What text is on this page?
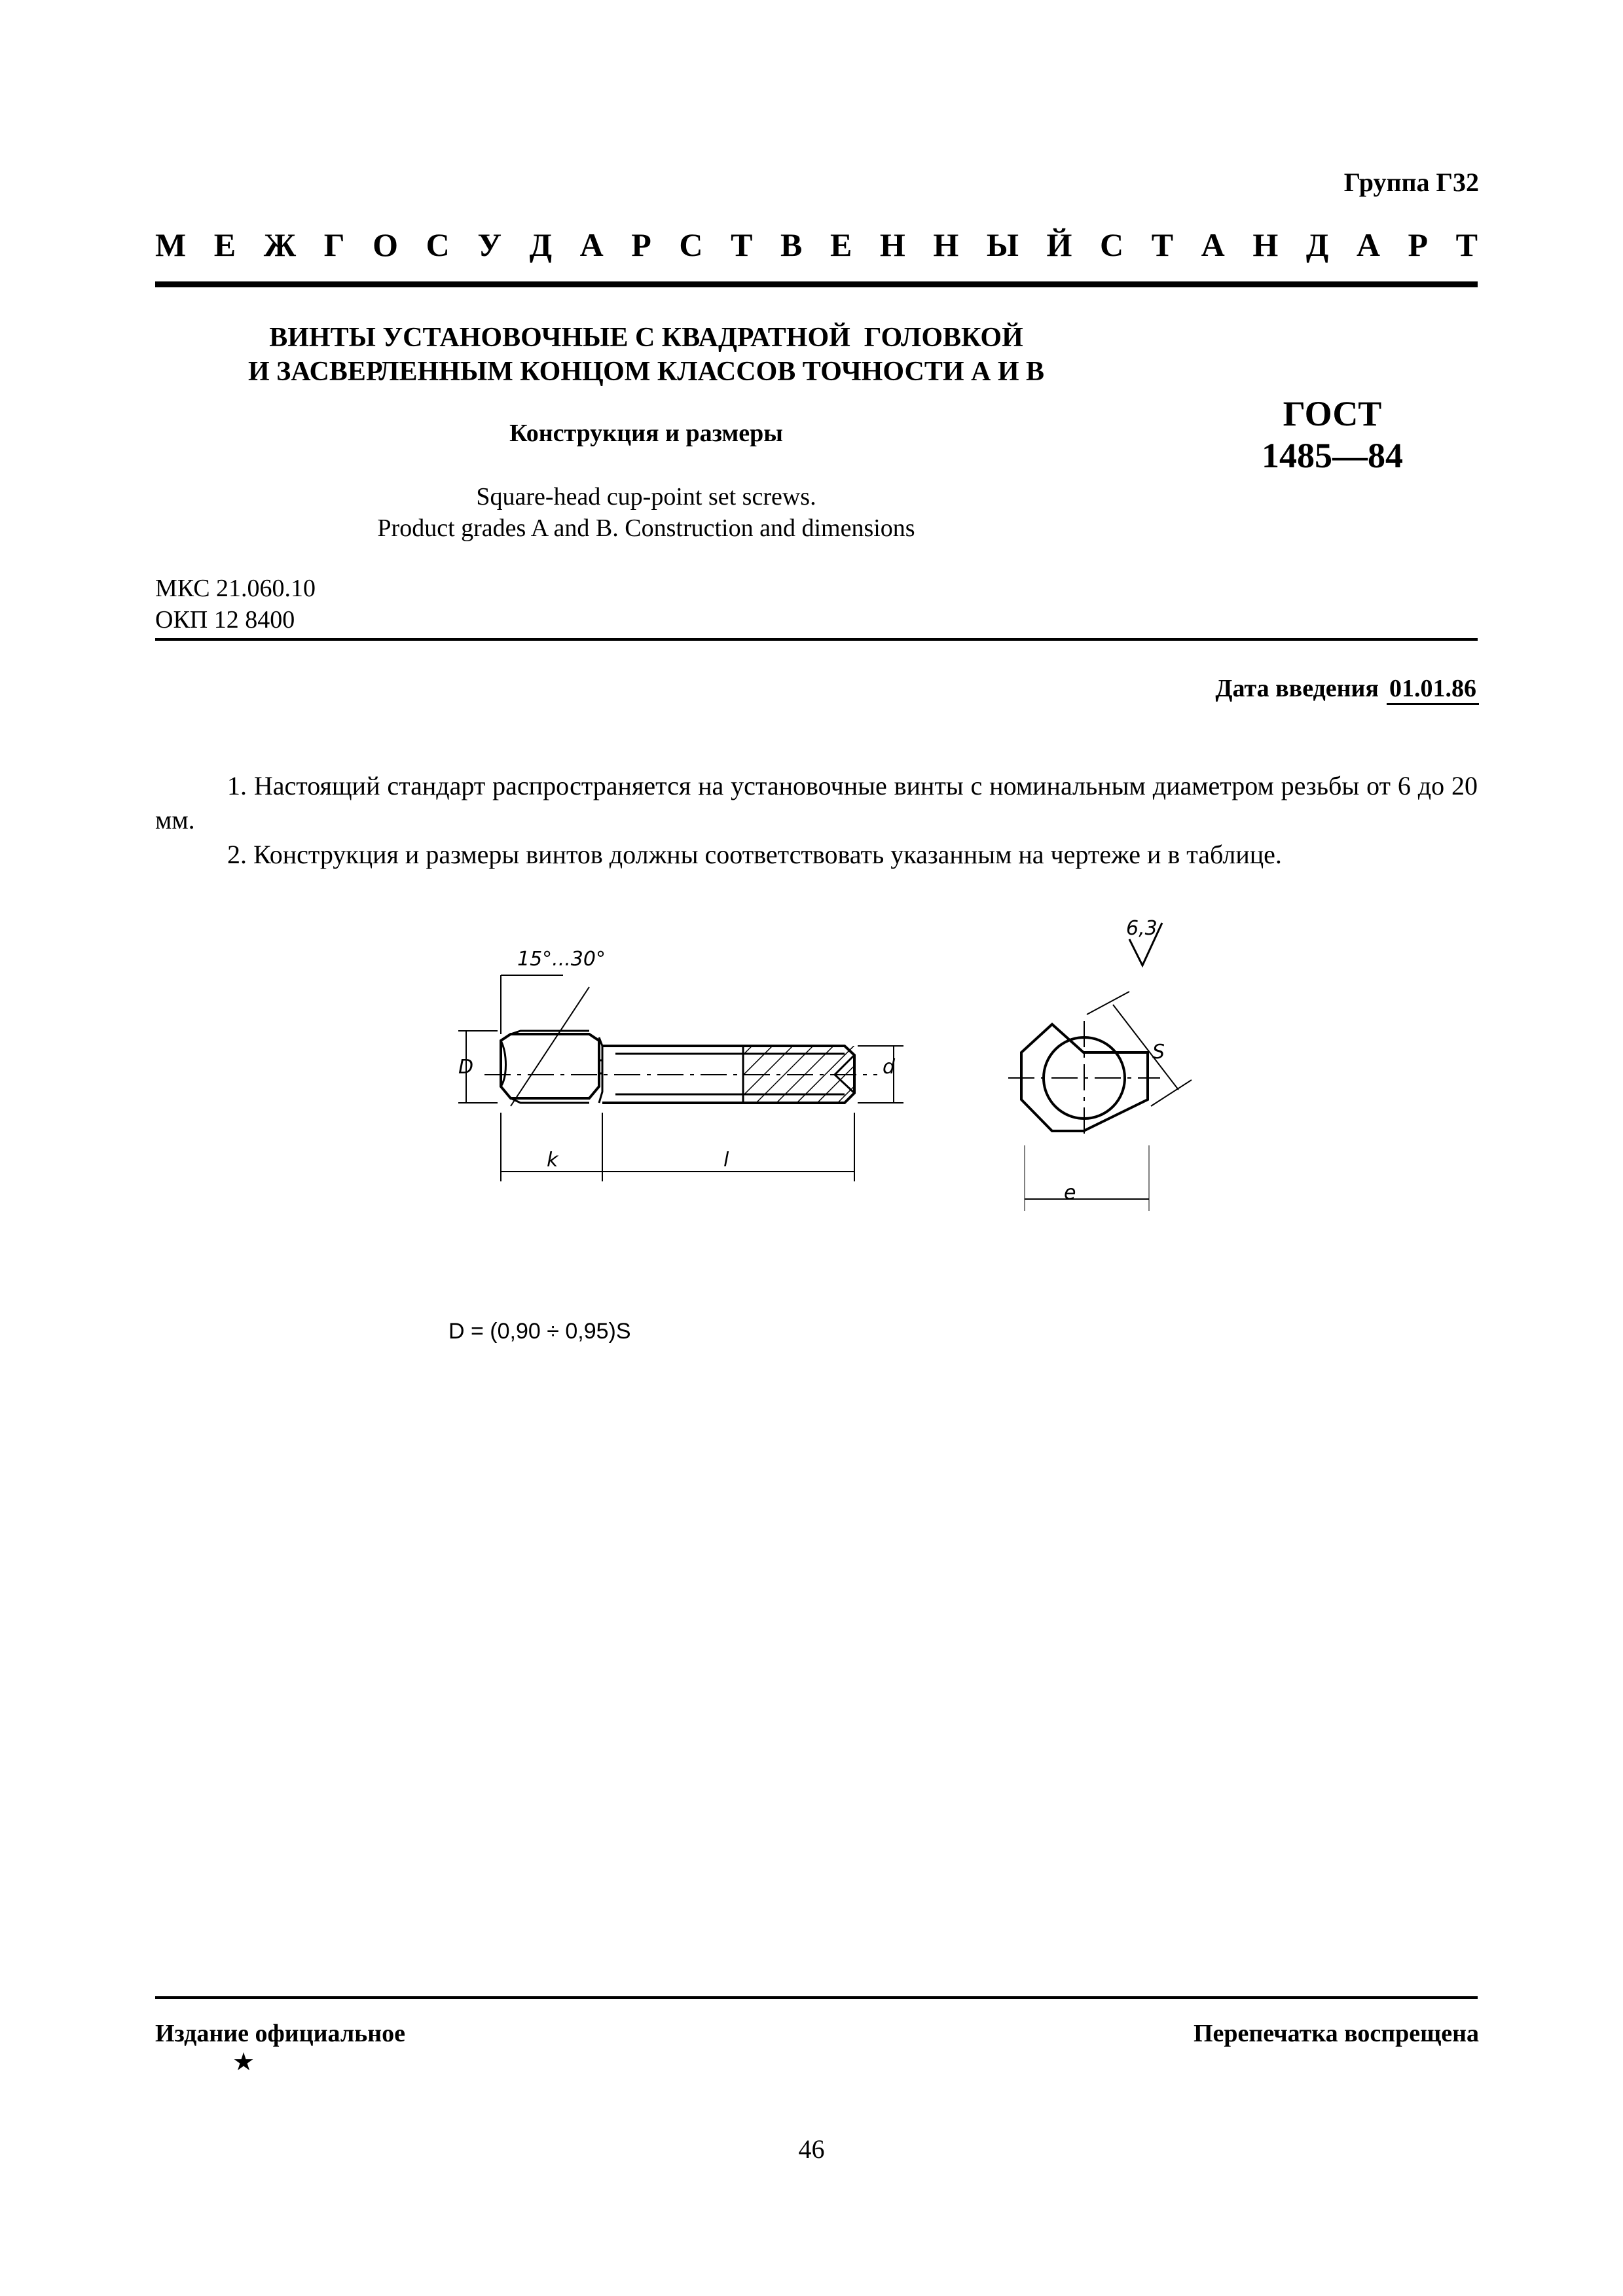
Группа Г32
М Е Ж Г О С У Д А Р С Т В Е Н Н Ы Й С Т А Н Д А Р Т
ВИНТЫ УСТАНОВОЧНЫЕ С КВАДРАТНОЙ  ГОЛОВКОЙ
И ЗАСВЕРЛЕННЫМ КОНЦОМ КЛАССОВ ТОЧНОСТИ А И В
Конструкция и размеры
Square-head cup-point set screws.
Product grades A and B. Construction and dimensions
ГОСТ
1485—84
МКС 21.060.10
ОКП 12 8400
Дата введения 01.01.86
1. Настоящий стандарт распространяется на установочные винты с номинальным диаметром резьбы от 6 до 20 мм.
2. Конструкция и размеры винтов должны соответствовать указанным на чертеже и в таблице.
6,3
15°...30°
D	d
k	l
S
e
D = (0,90 ÷ 0,95)S
Издание официальное
★
Перепечатка воспрещена
46
